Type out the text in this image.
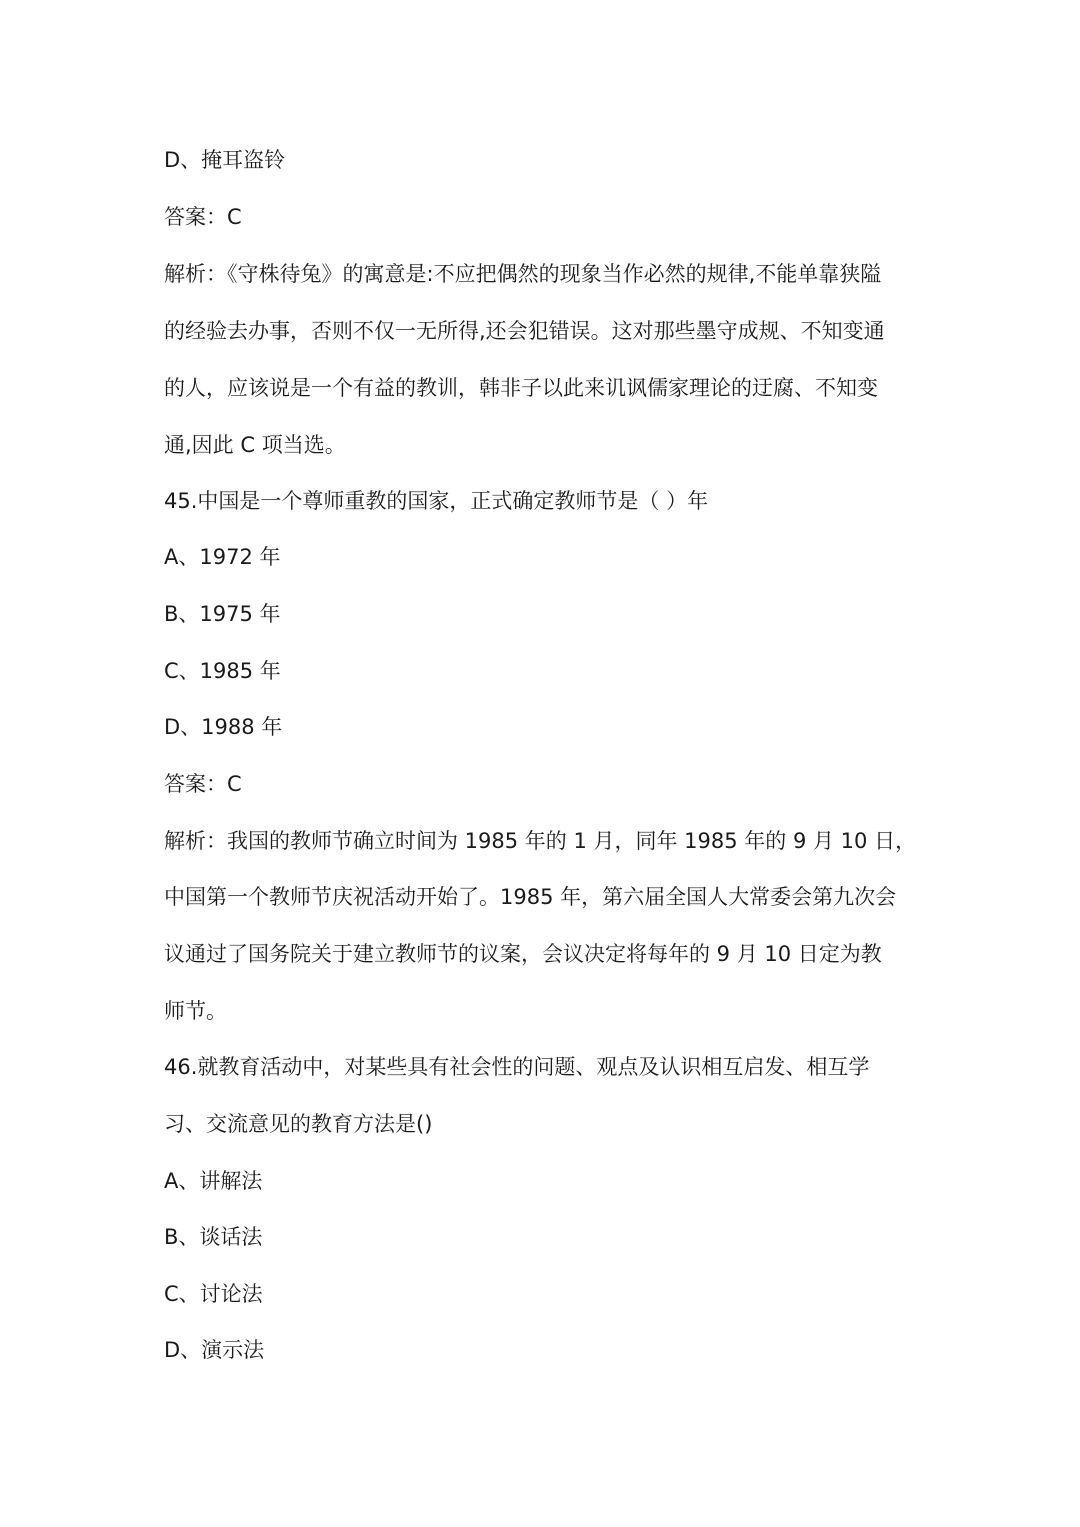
D、掩耳盗铃
答案：C
解析：《守株待兔》的寓意是:不应把偶然的现象当作必然的规律,不能单靠狭隘
的经验去办事，否则不仅一无所得,还会犯错误。这对那些墨守成规、不知变通
的人，应该说是一个有益的教训，韩非子以此来讥讽儒家理论的迂腐、不知变
通,因此 C 项当选。
45.中国是一个尊师重教的国家，正式确定教师节是（ ）年
A、1972 年
B、1975 年
C、1985 年
D、1988 年
答案：C
解析：我国的教师节确立时间为 1985 年的 1 月，同年 1985 年的 9 月 10 日，
中国第一个教师节庆祝活动开始了。1985 年，第六届全国人大常委会第九次会
议通过了国务院关于建立教师节的议案，会议决定将每年的 9 月 10 日定为教
师节。
46.就教育活动中，对某些具有社会性的问题、观点及认识相互启发、相互学
习、交流意见的教育方法是()
A、讲解法
B、谈话法
C、讨论法
D、演示法
